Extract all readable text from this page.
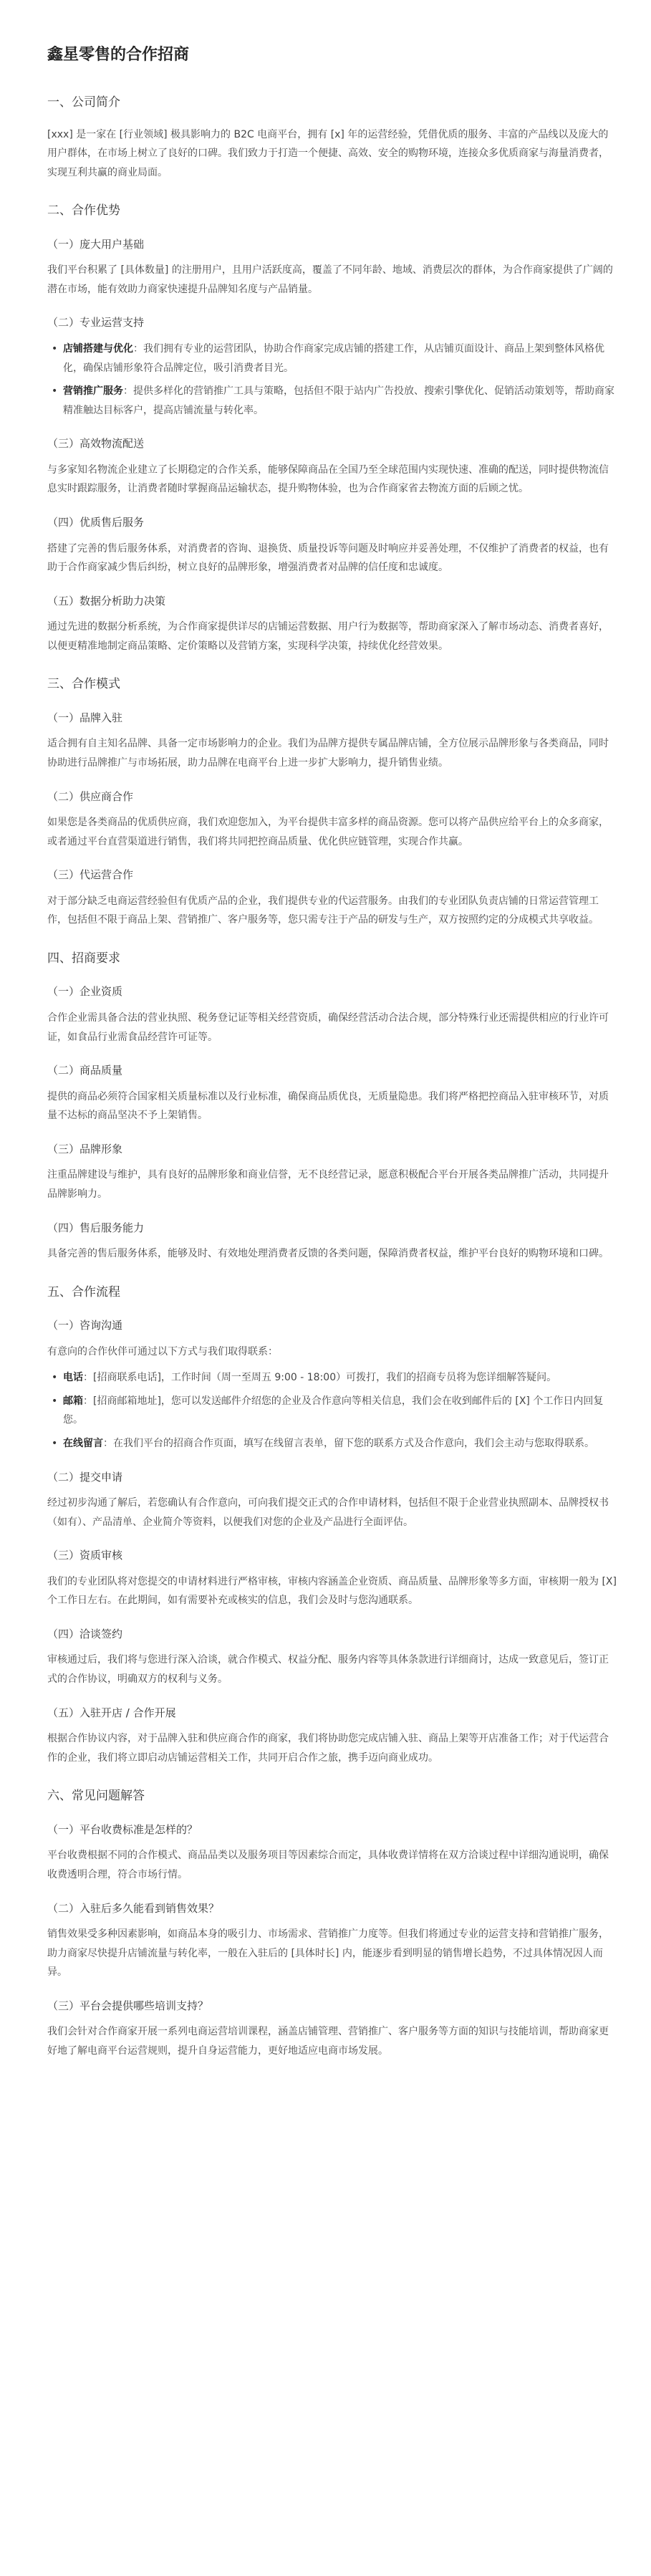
鑫星零售的合作招商
一、公司简介

[xxx] 是一家在 [行业领域] 极具影响力的 B2C 电商平台，拥有 [x] 年的运营经验，凭借优质的服务、丰富的产品线以及庞大的用户群体，在市场上树立了良好的口碑。我们致力于打造一个便捷、高效、安全的购物环境，连接众多优质商家与海量消费者，实现互利共赢的商业局面。

二、合作优势
（一）庞大用户基础

我们平台积累了 [具体数量] 的注册用户，且用户活跃度高，覆盖了不同年龄、地域、消费层次的群体，为合作商家提供了广阔的潜在市场，能有效助力商家快速提升品牌知名度与产品销量。

（二）专业运营支持
• 店铺搭建与优化：我们拥有专业的运营团队，协助合作商家完成店铺的搭建工作，从店铺页面设计、商品上架到整体风格优化，确保店铺形象符合品牌定位，吸引消费者目光。
• 营销推广服务：提供多样化的营销推广工具与策略，包括但不限于站内广告投放、搜索引擎优化、促销活动策划等，帮助商家精准触达目标客户，提高店铺流量与转化率。
（三）高效物流配送

与多家知名物流企业建立了长期稳定的合作关系，能够保障商品在全国乃至全球范围内实现快速、准确的配送，同时提供物流信息实时跟踪服务，让消费者随时掌握商品运输状态，提升购物体验，也为合作商家省去物流方面的后顾之忧。

（四）优质售后服务

搭建了完善的售后服务体系，对消费者的咨询、退换货、质量投诉等问题及时响应并妥善处理，不仅维护了消费者的权益，也有助于合作商家减少售后纠纷，树立良好的品牌形象，增强消费者对品牌的信任度和忠诚度。

（五）数据分析助力决策

通过先进的数据分析系统，为合作商家提供详尽的店铺运营数据、用户行为数据等，帮助商家深入了解市场动态、消费者喜好，以便更精准地制定商品策略、定价策略以及营销方案，实现科学决策，持续优化经营效果。

三、合作模式
（一）品牌入驻

适合拥有自主知名品牌、具备一定市场影响力的企业。我们为品牌方提供专属品牌店铺，全方位展示品牌形象与各类商品，同时协助进行品牌推广与市场拓展，助力品牌在电商平台上进一步扩大影响力，提升销售业绩。

（二）供应商合作

如果您是各类商品的优质供应商，我们欢迎您加入，为平台提供丰富多样的商品资源。您可以将产品供应给平台上的众多商家，或者通过平台直营渠道进行销售，我们将共同把控商品质量、优化供应链管理，实现合作共赢。

（三）代运营合作

对于部分缺乏电商运营经验但有优质产品的企业，我们提供专业的代运营服务。由我们的专业团队负责店铺的日常运营管理工作，包括但不限于商品上架、营销推广、客户服务等，您只需专注于产品的研发与生产，双方按照约定的分成模式共享收益。

四、招商要求
（一）企业资质

合作企业需具备合法的营业执照、税务登记证等相关经营资质，确保经营活动合法合规，部分特殊行业还需提供相应的行业许可证，如食品行业需食品经营许可证等。

（二）商品质量

提供的商品必须符合国家相关质量标准以及行业标准，确保商品质优良，无质量隐患。我们将严格把控商品入驻审核环节，对质量不达标的商品坚决不予上架销售。

（三）品牌形象

注重品牌建设与维护，具有良好的品牌形象和商业信誉，无不良经营记录，愿意积极配合平台开展各类品牌推广活动，共同提升品牌影响力。

（四）售后服务能力

具备完善的售后服务体系，能够及时、有效地处理消费者反馈的各类问题，保障消费者权益，维护平台良好的购物环境和口碑。

五、合作流程
（一）咨询沟通

有意向的合作伙伴可通过以下方式与我们取得联系：

• 电话：[招商联系电话]，工作时间（周一至周五 9:00 - 18:00）可拨打，我们的招商专员将为您详细解答疑问。
• 邮箱：[招商邮箱地址]，您可以发送邮件介绍您的企业及合作意向等相关信息，我们会在收到邮件后的 [X] 个工作日内回复您。
• 在线留言：在我们平台的招商合作页面，填写在线留言表单，留下您的联系方式及合作意向，我们会主动与您取得联系。
（二）提交申请

经过初步沟通了解后，若您确认有合作意向，可向我们提交正式的合作申请材料，包括但不限于企业营业执照副本、品牌授权书（如有）、产品清单、企业简介等资料，以便我们对您的企业及产品进行全面评估。

（三）资质审核

我们的专业团队将对您提交的申请材料进行严格审核，审核内容涵盖企业资质、商品质量、品牌形象等多方面，审核期一般为 [X] 个工作日左右。在此期间，如有需要补充或核实的信息，我们会及时与您沟通联系。

（四）洽谈签约

审核通过后，我们将与您进行深入洽谈，就合作模式、权益分配、服务内容等具体条款进行详细商讨，达成一致意见后，签订正式的合作协议，明确双方的权利与义务。

（五）入驻开店 / 合作开展

根据合作协议内容，对于品牌入驻和供应商合作的商家，我们将协助您完成店铺入驻、商品上架等开店准备工作；对于代运营合作的企业，我们将立即启动店铺运营相关工作，共同开启合作之旅，携手迈向商业成功。

六、常见问题解答
（一）平台收费标准是怎样的？

平台收费根据不同的合作模式、商品品类以及服务项目等因素综合而定，具体收费详情将在双方洽谈过程中详细沟通说明，确保收费透明合理，符合市场行情。

（二）入驻后多久能看到销售效果？

销售效果受多种因素影响，如商品本身的吸引力、市场需求、营销推广力度等。但我们将通过专业的运营支持和营销推广服务，助力商家尽快提升店铺流量与转化率，一般在入驻后的 [具体时长] 内，能逐步看到明显的销售增长趋势，不过具体情况因人而异。

（三）平台会提供哪些培训支持？

我们会针对合作商家开展一系列电商运营培训课程，涵盖店铺管理、营销推广、客户服务等方面的知识与技能培训，帮助商家更好地了解电商平台运营规则，提升自身运营能力，更好地适应电商市场发展。
